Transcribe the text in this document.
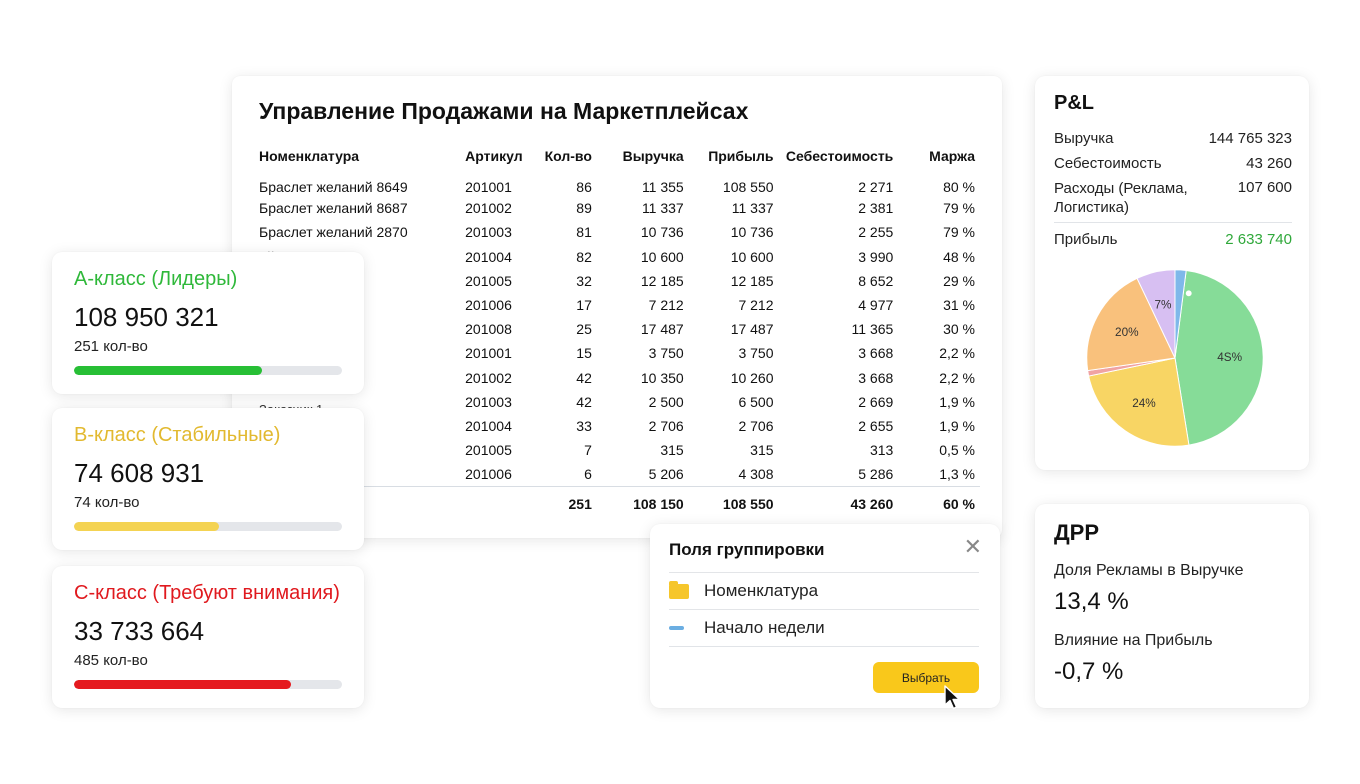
Управление Продажами на Маркетплейсах
Номенклатура	Артикул	Кол-во	Выручка	Прибыль	Себестоимость	Маржа
Браслет желаний 8649	201001	86	11 355	108 550	2 271	80 %
Браслет желаний 8687	201002	89	11 337	11 337	2 381	79 %
Браслет желаний 2870	201003	81	10 736	10 736	2 255	79 %
	201004	82	10 600	10 600	3 990	48 %
	201005	32	12 185	12 185	8 652	29 %
	201006	17	7 212	7 212	4 977	31 %
	201008	25	17 487	17 487	11 365	30 %
	201001	15	3 750	3 750	3 668	2,2 %
	201002	42	10 350	10 260	3 668	2,2 %
	201003	42	2 500	6 500	2 669	1,9 %
	201004	33	2 706	2 706	2 655	1,9 %
	201005	7	315	315	313	0,5 %
	201006	6	5 206	4 308	5 286	1,3 %
		251	108 150	108 550	43 260	60 %
A-класс (Лидеры)
108 950 321
251 кол-во
B-класс (Стабильные)
74 608 931
74 кол-во
C-класс (Требуют внимания)
33 733 664
485 кол-во
P&L
Выручка	144 765 323
Себестоимость	43 260
Расходы (Реклама, Логистика)
107 600
Прибыль	2 633 740
4S%
24%
20%
7%
ДРР
Доля Рекламы в Выручке
13,4 %
Влияние на Прибыль
-0,7 %
Поля группировки	✕
Номенклатура
Начало недели
Выбрать
